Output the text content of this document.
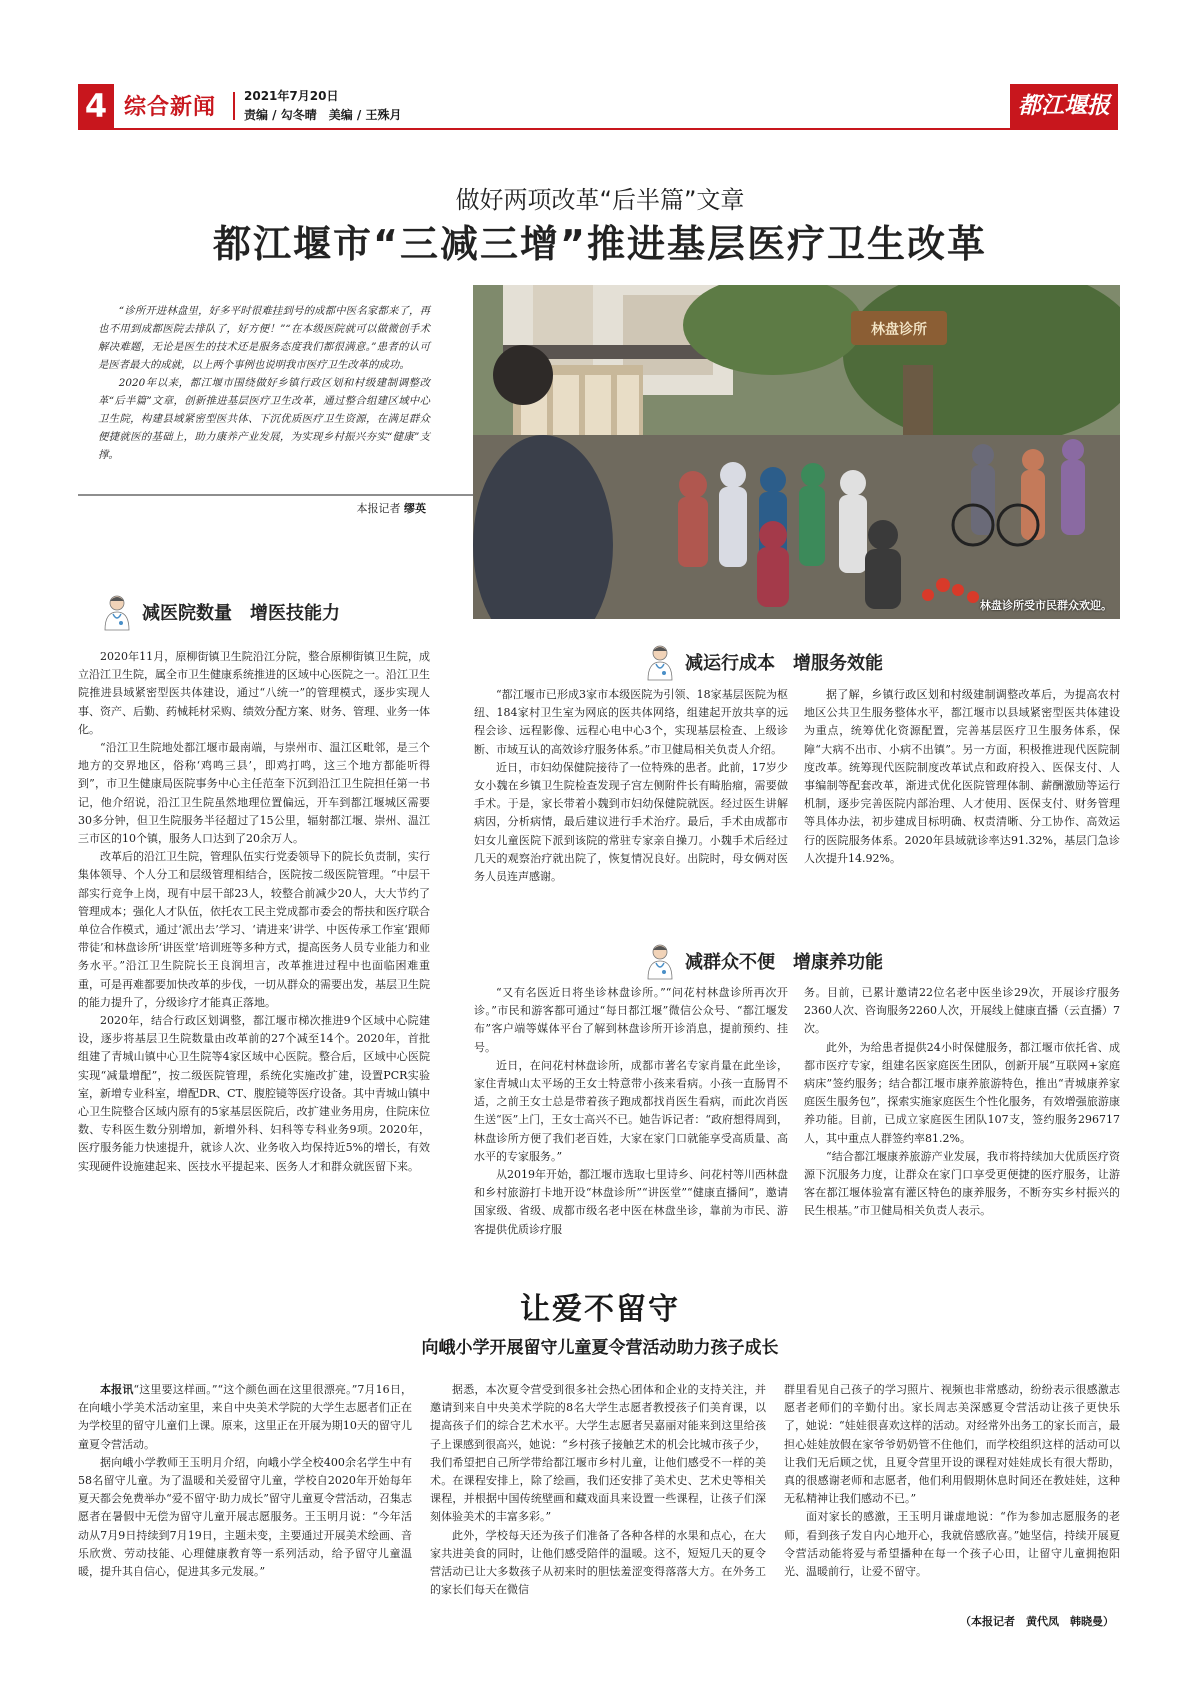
4 综合新闻 2021年7月20日
责编 / 勾冬晴　美编 / 王殊月	都江堰报
做好两项改革“后半篇”文章
都江堰市“三减三增”推进基层医疗卫生改革

“诊所开进林盘里，好多平时很难挂到号的成都中医名家都来了，再也不用到成都医院去排队了，好方便！”“在本级医院就可以做微创手术解决难题，无论是医生的技术还是服务态度我们都很满意。”患者的认可是医者最大的成就，以上两个事例也说明我市医疗卫生改革的成功。

2020年以来，都江堰市围绕做好乡镇行政区划和村级建制调整改革“后半篇”文章，创新推进基层医疗卫生改革，通过整合组建区域中心卫生院，构建县域紧密型医共体、下沉优质医疗卫生资源，在满足群众便捷就医的基础上，助力康养产业发展，为实现乡村振兴夯实“健康”支撑。

本报记者 缪英
林盘诊所
林盘诊所受市民群众欢迎。
减医院数量　增医技能力

2020年11月，原柳街镇卫生院沿江分院，整合原柳街镇卫生院，成立沿江卫生院，属全市卫生健康系统推进的区域中心医院之一。沿江卫生院推进县域紧密型医共体建设，通过“八统一”的管理模式，逐步实现人事、资产、后勤、药械耗材采购、绩效分配方案、财务、管理、业务一体化。

“沿江卫生院地处都江堰市最南端，与崇州市、温江区毗邻，是三个地方的交界地区，俗称‘鸡鸣三县’，即鸡打鸣，这三个地方都能听得到”，市卫生健康局医院事务中心主任范奎下沉到沿江卫生院担任第一书记，他介绍说，沿江卫生院虽然地理位置偏远，开车到都江堰城区需要30多分钟，但卫生院服务半径超过了15公里，辐射都江堰、崇州、温江三市区的10个镇，服务人口达到了20余万人。

改革后的沿江卫生院，管理队伍实行党委领导下的院长负责制，实行集体领导、个人分工和层级管理相结合，医院按二级医院管理。“中层干部实行竞争上岗，现有中层干部23人，较整合前减少20人，大大节约了管理成本；强化人才队伍，依托农工民主党成都市委会的帮扶和医疗联合单位合作模式，通过‘派出去’学习、‘请进来’讲学、中医传承工作室‘跟师带徒’和林盘诊所‘讲医堂’培训班等多种方式，提高医务人员专业能力和业务水平。”沿江卫生院院长王良润坦言，改革推进过程中也面临困难重重，可是再难都要加快改革的步伐，一切从群众的需要出发，基层卫生院的能力提升了，分级诊疗才能真正落地。

2020年，结合行政区划调整，都江堰市梯次推进9个区域中心院建设，逐步将基层卫生院数量由改革前的27个减至14个。2020年，首批组建了青城山镇中心卫生院等4家区域中心医院。整合后，区域中心医院实现“减量增配”，按二级医院管理，系统化实施改扩建，设置PCR实验室，新增专业科室，增配DR、CT、腹腔镜等医疗设备。其中青城山镇中心卫生院整合区域内原有的5家基层医院后，改扩建业务用房，住院床位数、专科医生数分别增加，新增外科、妇科等专科业务9项。2020年，医疗服务能力快速提升，就诊人次、业务收入均保持近5%的增长，有效实现硬件设施建起来、医技水平提起来、医务人才和群众就医留下来。

减运行成本　增服务效能

“都江堰市已形成3家市本级医院为引领、18家基层医院为枢纽、184家村卫生室为网底的医共体网络，组建起开放共享的远程会诊、远程影像、远程心电中心3个，实现基层检查、上级诊断、市域互认的高效诊疗服务体系。”市卫健局相关负责人介绍。

近日，市妇幼保健院接待了一位特殊的患者。此前，17岁少女小魏在乡镇卫生院检查发现子宫左侧附件长有畸胎瘤，需要做手术。于是，家长带着小魏到市妇幼保健院就医。经过医生讲解病因，分析病情，最后建议进行手术治疗。最后，手术由成都市妇女儿童医院下派到该院的常驻专家亲自操刀。小魏手术后经过几天的观察治疗就出院了，恢复情况良好。出院时，母女俩对医务人员连声感谢。

据了解，乡镇行政区划和村级建制调整改革后，为提高农村地区公共卫生服务整体水平，都江堰市以县域紧密型医共体建设为重点，统筹优化资源配置，完善基层医疗卫生服务体系，保障“大病不出市、小病不出镇”。另一方面，积极推进现代医院制度改革。统筹现代医院制度改革试点和政府投入、医保支付、人事编制等配套改革，渐进式优化医院管理体制、薪酬激励等运行机制，逐步完善医院内部治理、人才使用、医保支付、财务管理等具体办法，初步建成目标明确、权责清晰、分工协作、高效运行的医院服务体系。2020年县域就诊率达91.32%，基层门急诊人次提升14.92%。

减群众不便　增康养功能

“又有名医近日将坐诊林盘诊所。”“问花村林盘诊所再次开诊。”市民和游客都可通过“每日都江堰”微信公众号、“都江堰发布”客户端等媒体平台了解到林盘诊所开诊消息，提前预约、挂号。

近日，在问花村林盘诊所，成都市著名专家肖量在此坐诊，家住青城山太平场的王女士特意带小孩来看病。小孩一直肠胃不适，之前王女士总是带着孩子跑成都找肖医生看病，而此次肖医生送“医”上门，王女士高兴不已。她告诉记者：“政府想得周到，林盘诊所方便了我们老百姓，大家在家门口就能享受高质量、高水平的专家服务。”

从2019年开始，都江堰市选取七里诗乡、问花村等川西林盘和乡村旅游打卡地开设“林盘诊所”“讲医堂”“健康直播间”，邀请国家级、省级、成都市级名老中医在林盘坐诊，靠前为市民、游客提供优质诊疗服

务。目前，已累计邀请22位名老中医坐诊29次，开展诊疗服务2360人次、咨询服务2260人次，开展线上健康直播（云直播）7次。

此外，为给患者提供24小时保健服务，都江堰市依托省、成都市医疗专家，组建名医家庭医生团队，创新开展“互联网+家庭病床”签约服务；结合都江堰市康养旅游特色，推出“青城康养家庭医生服务包”，探索实施家庭医生个性化服务，有效增强旅游康养功能。目前，已成立家庭医生团队107支，签约服务296717人，其中重点人群签约率81.2%。

“结合都江堰康养旅游产业发展，我市将持续加大优质医疗资源下沉服务力度，让群众在家门口享受更便捷的医疗服务，让游客在都江堰体验富有灌区特色的康养服务，不断夯实乡村振兴的民生根基。”市卫健局相关负责人表示。

让爱不留守
向峨小学开展留守儿童夏令营活动助力孩子成长

本报讯“这里要这样画。”“这个颜色画在这里很漂亮。”7月16日，在向峨小学美术活动室里，来自中央美术学院的大学生志愿者们正在为学校里的留守儿童们上课。原来，这里正在开展为期10天的留守儿童夏令营活动。

据向峨小学教师王玉明月介绍，向峨小学全校400余名学生中有58名留守儿童。为了温暖和关爱留守儿童，学校自2020年开始每年夏天都会免费举办“爱不留守·助力成长”留守儿童夏令营活动，召集志愿者在暑假中无偿为留守儿童开展志愿服务。王玉明月说：“今年活动从7月9日持续到7月19日，主题未变，主要通过开展美术绘画、音乐欣赏、劳动技能、心理健康教育等一系列活动，给予留守儿童温暖，提升其自信心，促进其多元发展。”

据悉，本次夏令营受到很多社会热心团体和企业的支持关注，并邀请到来自中央美术学院的8名大学生志愿者教授孩子们美育课，以提高孩子们的综合艺术水平。大学生志愿者吴嘉丽对能来到这里给孩子上课感到很高兴，她说：“乡村孩子接触艺术的机会比城市孩子少，我们希望把自己所学带给都江堰市乡村儿童，让他们感受不一样的美术。在课程安排上，除了绘画，我们还安排了美术史、艺术史等相关课程，并根据中国传统壁画和藏戏面具来设置一些课程，让孩子们深刻体验美术的丰富多彩。”

此外，学校每天还为孩子们准备了各种各样的水果和点心，在大家共进美食的同时，让他们感受陪伴的温暖。这不，短短几天的夏令营活动已让大多数孩子从初来时的胆怯羞涩变得落落大方。在外务工的家长们每天在微信

群里看见自己孩子的学习照片、视频也非常感动，纷纷表示很感激志愿者老师们的辛勤付出。家长周志美深感夏令营活动让孩子更快乐了，她说：“娃娃很喜欢这样的活动。对经常外出务工的家长而言，最担心娃娃放假在家爷爷奶奶管不住他们，而学校组织这样的活动可以让我们无后顾之忧，且夏令营里开设的课程对娃娃成长有很大帮助，真的很感谢老师和志愿者，他们利用假期休息时间还在教娃娃，这种无私精神让我们感动不已。”

面对家长的感激，王玉明月谦虚地说：“作为参加志愿服务的老师，看到孩子发自内心地开心，我就倍感欣喜。”她坚信，持续开展夏令营活动能将爱与希望播种在每一个孩子心田，让留守儿童拥抱阳光、温暖前行，让爱不留守。

（本报记者　黄代凤　韩晓曼）
